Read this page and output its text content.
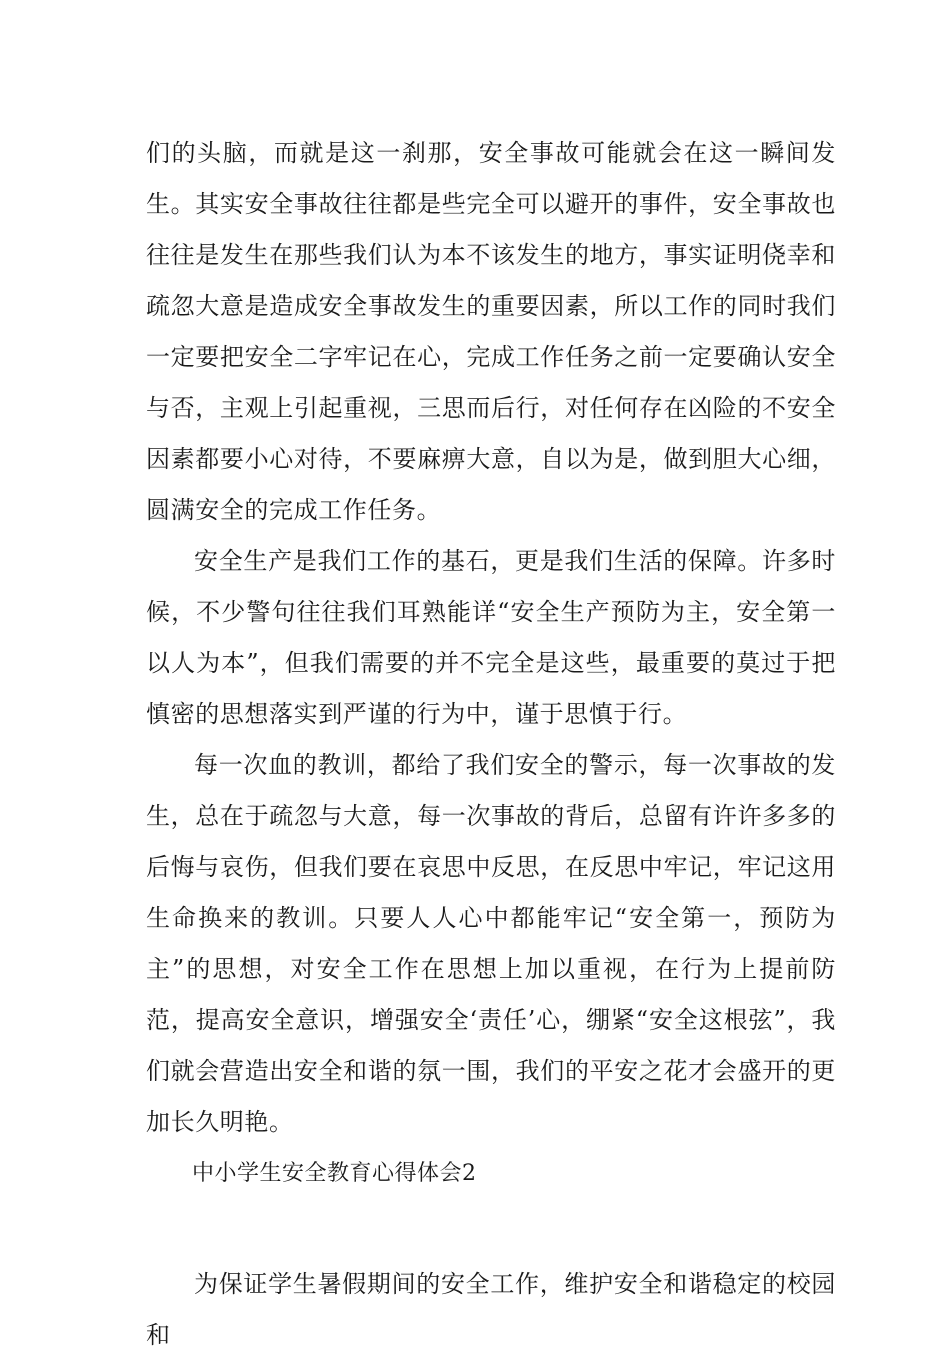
们的头脑，而就是这一刹那，安全事故可能就会在这一瞬间发生。其实安全事故往往都是些完全可以避开的事件，安全事故也往往是发生在那些我们认为本不该发生的地方，事实证明侥幸和疏忽大意是造成安全事故发生的重要因素，所以工作的同时我们一定要把安全二字牢记在心，完成工作任务之前一定要确认安全与否，主观上引起重视，三思而后行，对任何存在凶险的不安全因素都要小心对待，不要麻痹大意，自以为是，做到胆大心细，圆满安全的完成工作任务。

安全生产是我们工作的基石，更是我们生活的保障。许多时候，不少警句往往我们耳熟能详“安全生产预防为主，安全第一以人为本”，但我们需要的并不完全是这些，最重要的莫过于把慎密的思想落实到严谨的行为中，谨于思慎于行。

每一次血的教训，都给了我们安全的警示，每一次事故的发生，总在于疏忽与大意，每一次事故的背后，总留有许许多多的后悔与哀伤，但我们要在哀思中反思，在反思中牢记，牢记这用生命换来的教训。只要人人心中都能牢记“安全第一，预防为主”的思想，对安全工作在思想上加以重视，在行为上提前防范，提高安全意识，增强安全‘责任’心，绷紧“安全这根弦”，我们就会营造出安全和谐的氛一围，我们的平安之花才会盛开的更加长久明艳。

中小学生安全教育心得体会2

为保证学生暑假期间的安全工作，维护安全和谐稳定的校园和
